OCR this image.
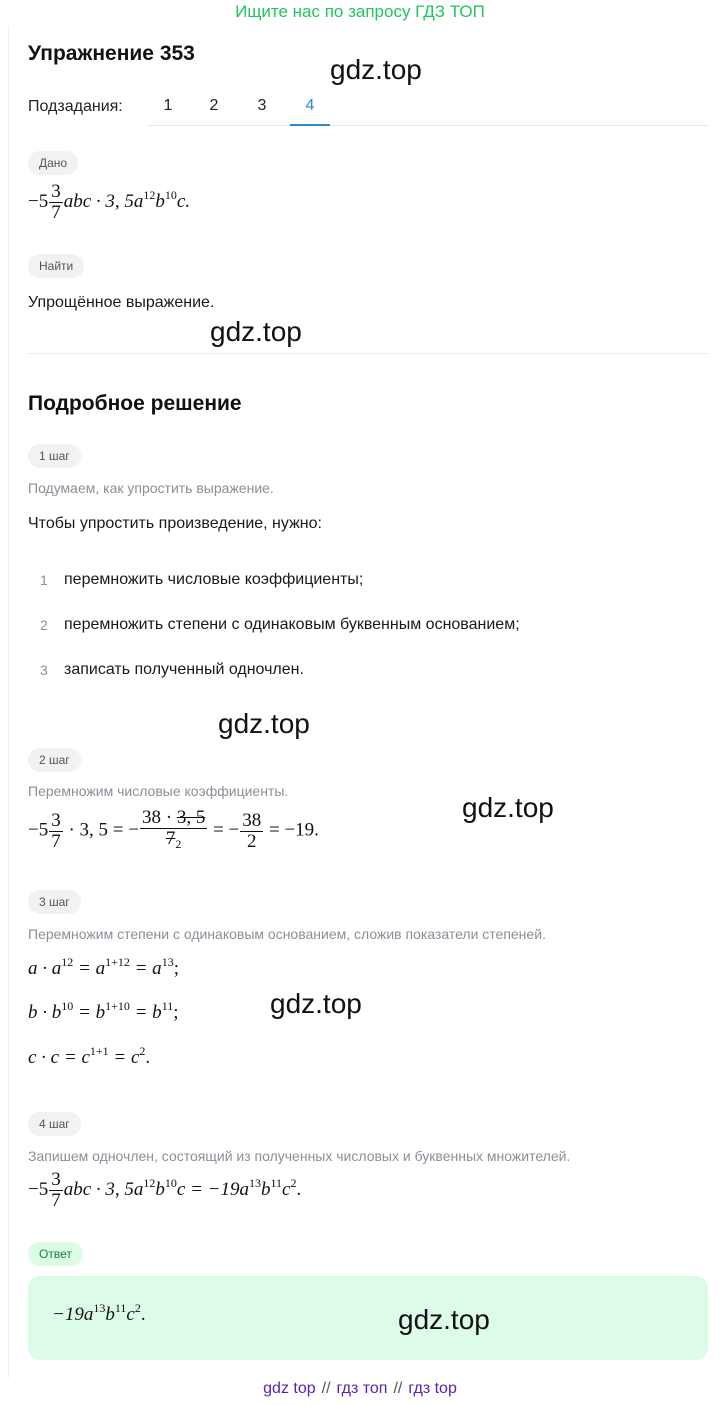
Ищите нас по запросу ГДЗ ТОП
Упражнение 353
Подзадания:	1	2	3	4
Дано
$-5 \frac{3}{7}$ abc · 3, $5a^{12}b^{10}c$.
Найти
Упрощённое выражение.
Подробное решение
1 шаг
Подумаем, как упростить выражение.
Чтобы упростить произведение, нужно:
1 перемножить числовые коэффициенты;
2 перемножить степени с одинаковым буквенным основанием;
3 записать полученный одночлен.
2 шаг
Перемножим числовые коэффициенты.
$-5 \frac{3}{7} \cdot 3$, 5 = − $\frac{38 \cdot 3, 5}{7_2}$ = − $\frac{38}{2} = -19$.
3 шаг
Перемножим степени с одинаковым основанием, сложив показатели степеней.
$a \cdot a^{12} = a^{1+12} = a^{13}$;
$b \cdot b^{10} = b^{1+10} = b^{11}$;
$c \cdot c = c^{1+1} = c^2$.
4 шаг
Запишем одночлен, состоящий из полученных числовых и буквенных множителей.
$-5 \frac{3}{7}$ abc · 3, $5a^{12}b^{10}c = -19a^{13}b^{11}c^2$.
Ответ
$-19a^{13}b^{11}c^2$.
gdz.top
gdz.top
gdz.top
gdz.top
gdz.top
gdz.top
gdz top // гдз топ // гдз top
